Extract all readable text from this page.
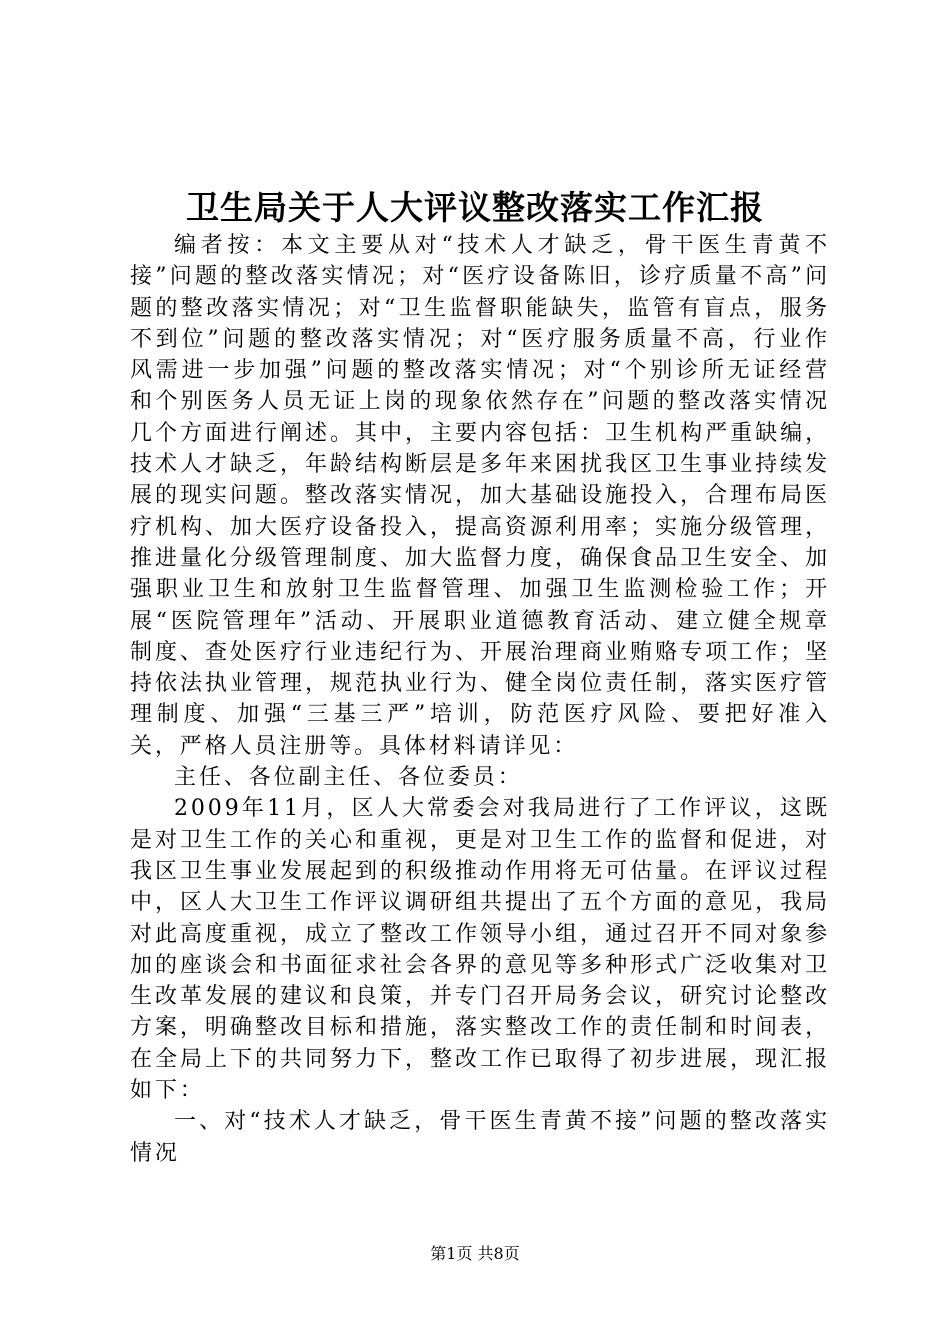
卫生局关于人大评议整改落实工作汇报

编者按：本文主要从对“技术人才缺乏，骨干医生青黄不接”问题的整改落实情况；对“医疗设备陈旧，诊疗质量不高”问题的整改落实情况；对“卫生监督职能缺失，监管有盲点，服务不到位”问题的整改落实情况；对“医疗服务质量不高，行业作风需进一步加强”问题的整改落实情况；对“个别诊所无证经营和个别医务人员无证上岗的现象依然存在”问题的整改落实情况几个方面进行阐述。其中，主要内容包括：卫生机构严重缺编，技术人才缺乏，年龄结构断层是多年来困扰我区卫生事业持续发展的现实问题。整改落实情况，加大基础设施投入，合理布局医疗机构、加大医疗设备投入，提高资源利用率；实施分级管理，推进量化分级管理制度、加大监督力度，确保食品卫生安全、加强职业卫生和放射卫生监督管理、加强卫生监测检验工作；开展“医院管理年”活动、开展职业道德教育活动、建立健全规章制度、查处医疗行业违纪行为、开展治理商业贿赂专项工作；坚持依法执业管理，规范执业行为、健全岗位责任制，落实医疗管理制度、加强“三基三严”培训，防范医疗风险、要把好准入关，严格人员注册等。具体材料请详见：

主任、各位副主任、各位委员：

2009年11月，区人大常委会对我局进行了工作评议，这既是对卫生工作的关心和重视，更是对卫生工作的监督和促进，对我区卫生事业发展起到的积级推动作用将无可估量。在评议过程中，区人大卫生工作评议调研组共提出了五个方面的意见，我局对此高度重视，成立了整改工作领导小组，通过召开不同对象参加的座谈会和书面征求社会各界的意见等多种形式广泛收集对卫生改革发展的建议和良策，并专门召开局务会议，研究讨论整改方案，明确整改目标和措施，落实整改工作的责任制和时间表，在全局上下的共同努力下，整改工作已取得了初步进展，现汇报如下：

一、对“技术人才缺乏，骨干医生青黄不接”问题的整改落实情况

第1页 共8页
